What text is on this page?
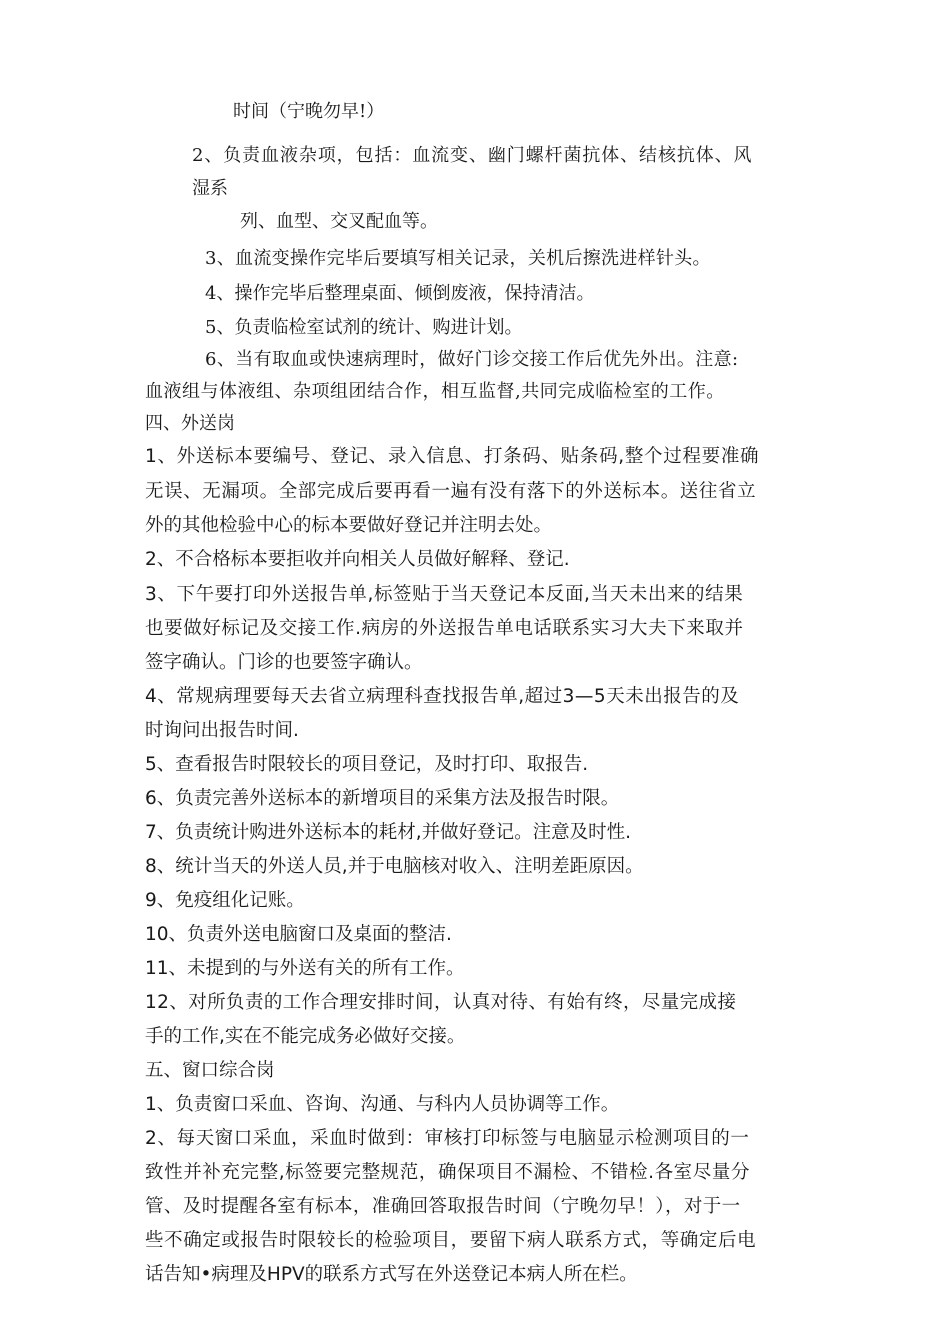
时间（宁晚勿早!）
2、负责血液杂项，包括：血流变、幽门螺杆菌抗体、结核抗体、风
湿系
列、血型、交叉配血等。
3、血流变操作完毕后要填写相关记录，关机后擦洗进样针头。
4、操作完毕后整理桌面、倾倒废液，保持清洁。
5、负责临检室试剂的统计、购进计划。
6、当有取血或快速病理时，做好门诊交接工作后优先外出。注意:
血液组与体液组、杂项组团结合作，相互监督,共同完成临检室的工作。
四、外送岗
1、外送标本要编号、登记、录入信息、打条码、贴条码,整个过程要准确
无误、无漏项。全部完成后要再看一遍有没有落下的外送标本。送往省立
外的其他检验中心的标本要做好登记并注明去处。
2、不合格标本要拒收并向相关人员做好解释、登记.
3、下午要打印外送报告单,标签贴于当天登记本反面,当天未出来的结果
也要做好标记及交接工作.病房的外送报告单电话联系实习大夫下来取并
签字确认。门诊的也要签字确认。
4、常规病理要每天去省立病理科查找报告单,超过3—5天未出报告的及
时询问出报告时间.
5、查看报告时限较长的项目登记，及时打印、取报告.
6、负责完善外送标本的新增项目的采集方法及报告时限。
7、负责统计购进外送标本的耗材,并做好登记。注意及时性.
8、统计当天的外送人员,并于电脑核对收入、注明差距原因。
9、免疫组化记账。
10、负责外送电脑窗口及桌面的整洁.
11、未提到的与外送有关的所有工作。
12、对所负责的工作合理安排时间，认真对待、有始有终，尽量完成接
手的工作,实在不能完成务必做好交接。
五、窗口综合岗
1、负责窗口采血、咨询、沟通、与科内人员协调等工作。
2、每天窗口采血，采血时做到：审核打印标签与电脑显示检测项目的一
致性并补充完整,标签要完整规范，确保项目不漏检、不错检.各室尽量分
管、及时提醒各室有标本，准确回答取报告时间（宁晚勿早！），对于一
些不确定或报告时限较长的检验项目，要留下病人联系方式，等确定后电
话告知•病理及HPV的联系方式写在外送登记本病人所在栏。
